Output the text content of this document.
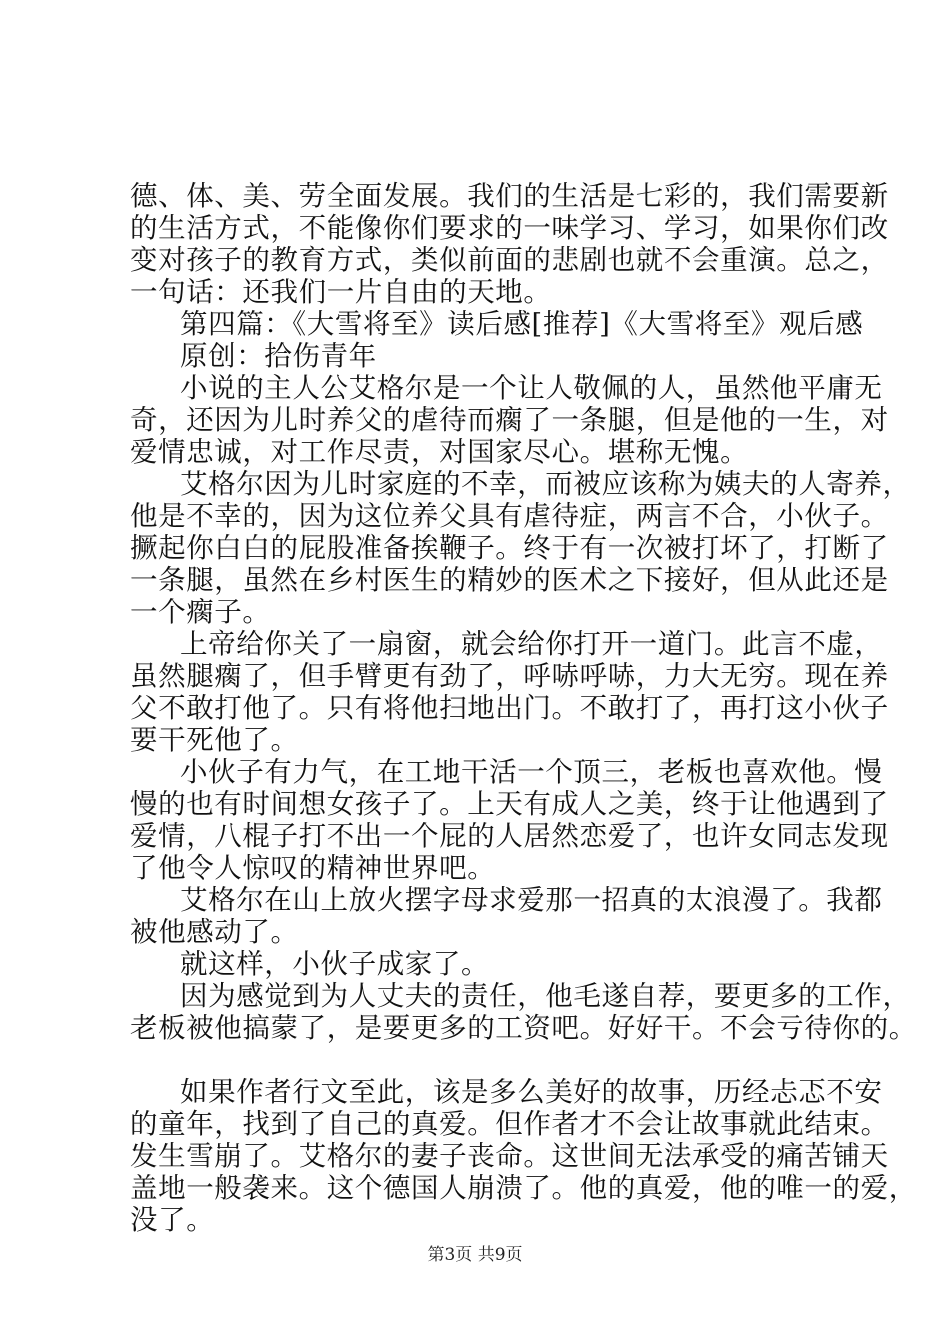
德、体、美、劳全面发展。我们的生活是七彩的，我们需要新
的生活方式，不能像你们要求的一味学习、学习，如果你们改
变对孩子的教育方式，类似前面的悲剧也就不会重演。总之，
一句话：还我们一片自由的天地。
第四篇：《大雪将至》读后感[推荐]《大雪将至》观后感
原创：拾伤青年
小说的主人公艾格尔是一个让人敬佩的人，虽然他平庸无
奇，还因为儿时养父的虐待而瘸了一条腿，但是他的一生，对
爱情忠诚，对工作尽责，对国家尽心。堪称无愧。
艾格尔因为儿时家庭的不幸，而被应该称为姨夫的人寄养，
他是不幸的，因为这位养父具有虐待症，两言不合，小伙子。
撅起你白白的屁股准备挨鞭子。终于有一次被打坏了，打断了
一条腿，虽然在乡村医生的精妙的医术之下接好，但从此还是
一个瘸子。
上帝给你关了一扇窗，就会给你打开一道门。此言不虚，
虽然腿瘸了，但手臂更有劲了，呼哧呼哧，力大无穷。现在养
父不敢打他了。只有将他扫地出门。不敢打了，再打这小伙子
要干死他了。
小伙子有力气，在工地干活一个顶三，老板也喜欢他。慢
慢的也有时间想女孩子了。上天有成人之美，终于让他遇到了
爱情，八棍子打不出一个屁的人居然恋爱了，也许女同志发现
了他令人惊叹的精神世界吧。
艾格尔在山上放火摆字母求爱那一招真的太浪漫了。我都
被他感动了。
就这样，小伙子成家了。
因为感觉到为人丈夫的责任，他毛遂自荐，要更多的工作，
老板被他搞蒙了，是要更多的工资吧。好好干。不会亏待你的。
如果作者行文至此，该是多么美好的故事，历经忐忑不安
的童年，找到了自己的真爱。但作者才不会让故事就此结束。
发生雪崩了。艾格尔的妻子丧命。这世间无法承受的痛苦铺天
盖地一般袭来。这个德国人崩溃了。他的真爱，他的唯一的爱，
没了。
第3页 共9页
